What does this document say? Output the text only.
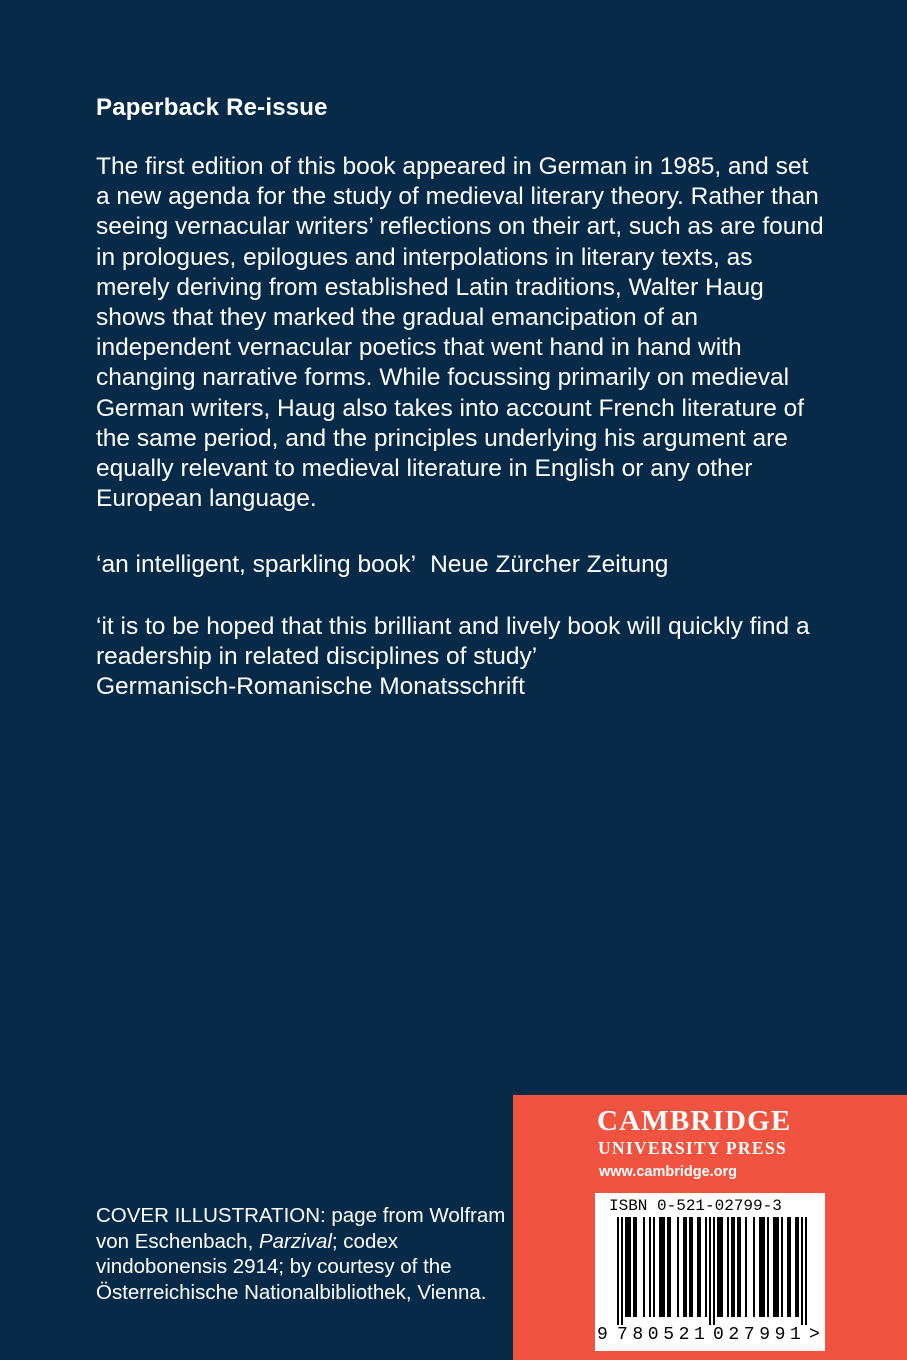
Paperback Re-issue

The first edition of this book appeared in German in 1985, and set a new agenda for the study of medieval literary theory. Rather than seeing vernacular writers’ reflections on their art, such as are found in prologues, epilogues and interpolations in literary texts, as merely deriving from established Latin traditions, Walter Haug shows that they marked the gradual emancipation of an independent vernacular poetics that went hand in hand with changing narrative forms. While focussing primarily on medieval German writers, Haug also takes into account French literature of the same period, and the principles underlying his argument are equally relevant to medieval literature in English or any other European language.

‘an intelligent, sparkling book’ Neue Zürcher Zeitung
‘it is to be hoped that this brilliant and lively book will quickly find a readership in related disciplines of study’
Germanisch-Romanische Monatsschrift
COVER ILLUSTRATION: page from Wolfram von Eschenbach, Parzival; codex vindobonensis 2914; by courtesy of the Österreichische Nationalbibliothek, Vienna.
CAMBRIDGE
UNIVERSITY PRESS
www.cambridge.org
ISBN 0-521-02799-3
9 780521 027991 >
